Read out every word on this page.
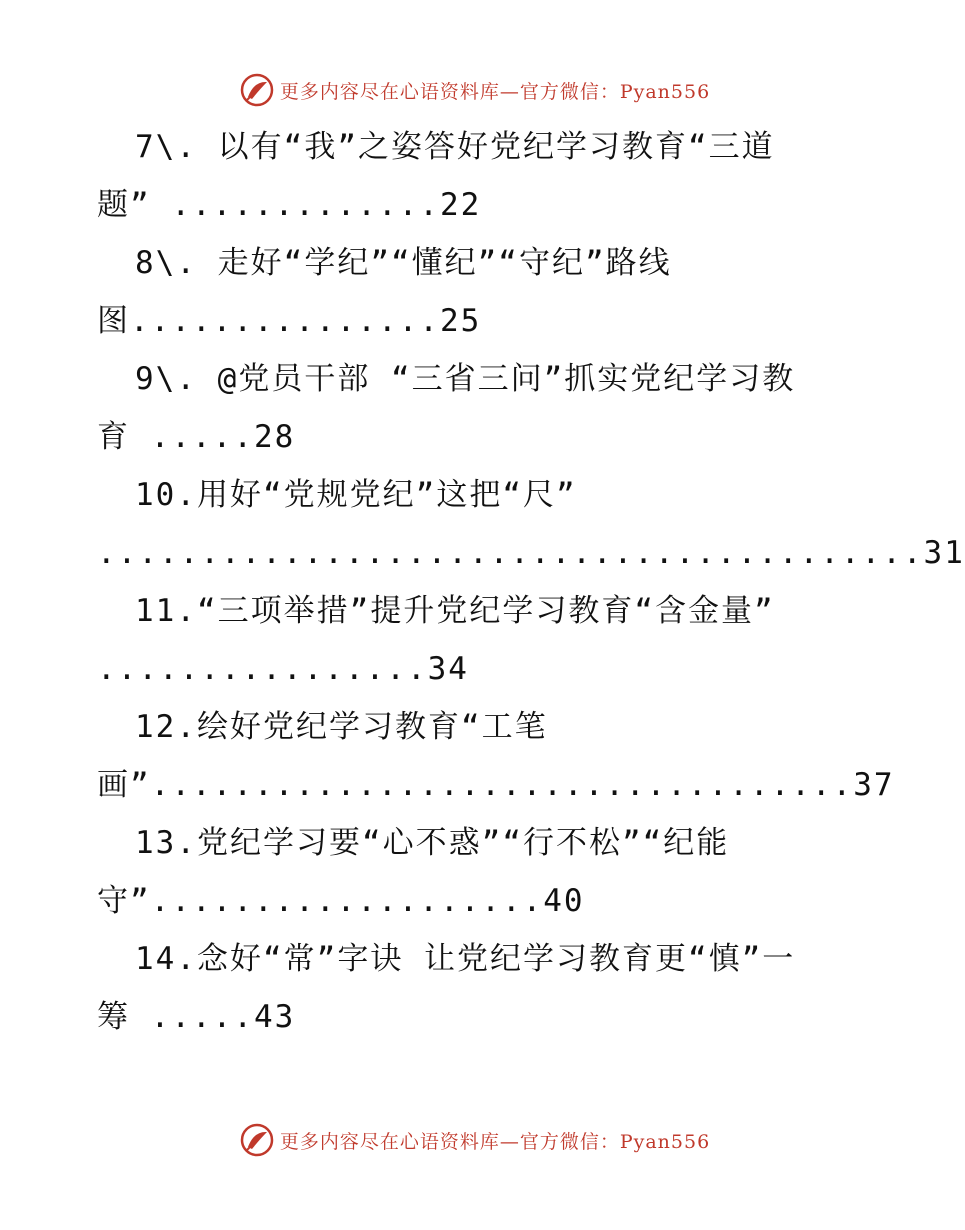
更多内容尽在心语资料库—官方微信：Pyan556
7\. 以有“我”之姿答好党纪学习教育“三道
题” .............22
8\. 走好“学纪”“懂纪”“守纪”路线
图...............25
9\. @党员干部 “三省三问”抓实党纪学习教
育 .....28
10.用好“党规党纪”这把“尺”
........................................31
11.“三项举措”提升党纪学习教育“含金量”
................34
12.绘好党纪学习教育“工笔
画”..................................37
13.党纪学习要“心不惑”“行不松”“纪能
守”...................40
14.念好“常”字诀 让党纪学习教育更“慎”一
筹 .....43
更多内容尽在心语资料库—官方微信：Pyan556
